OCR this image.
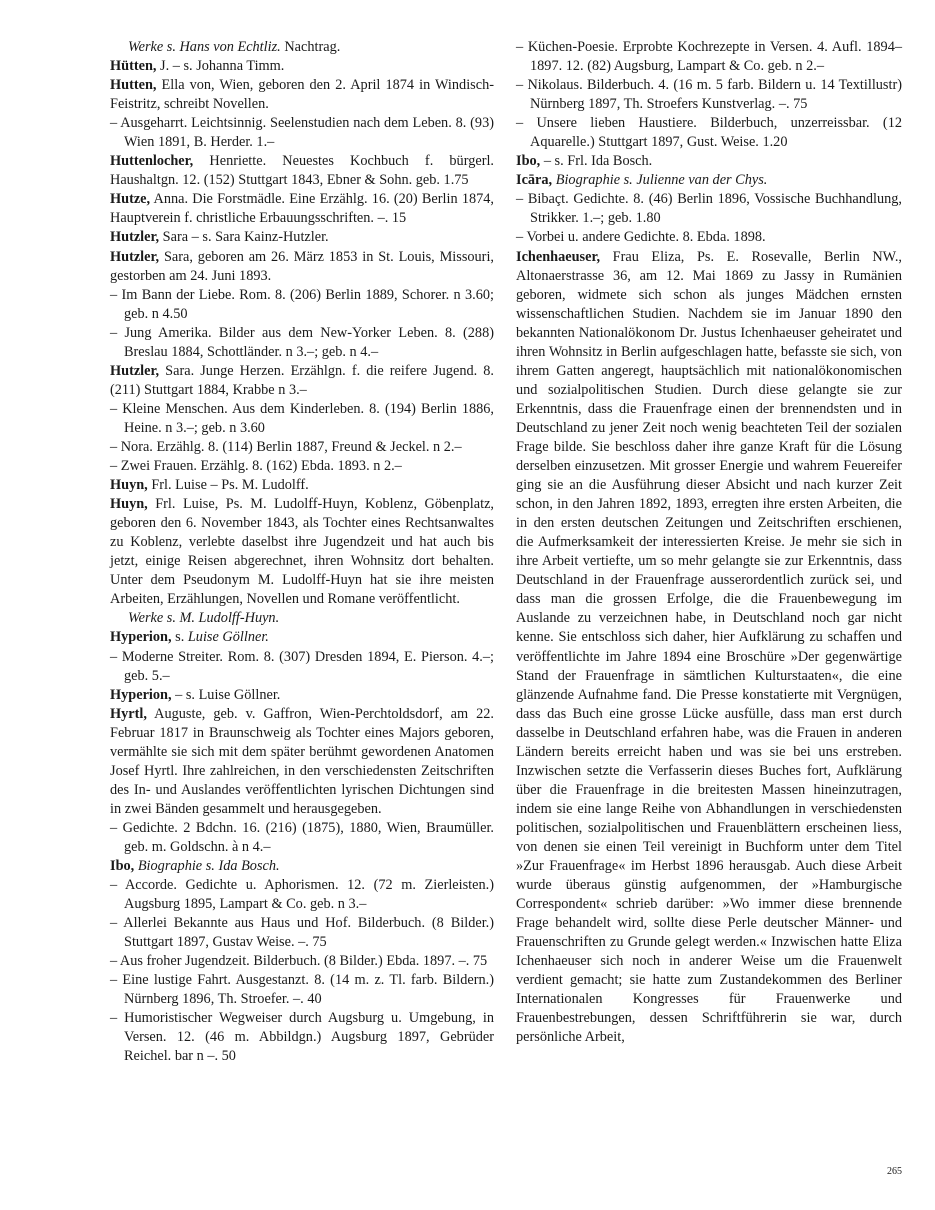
Werke s. Hans von Echtliz. Nachtrag.

Hütten, J. – s. Johanna Timm.

Hutten, Ella von, Wien, geboren den 2. April 1874 in Windisch-Feistritz, schreibt Novellen.

– Ausgeharrt. Leichtsinnig. Seelenstudien nach dem Leben. 8. (93) Wien 1891, B. Herder. 1.–

Huttenlocher, Henriette. Neuestes Kochbuch f. bürgerl. Haushaltgn. 12. (152) Stuttgart 1843, Ebner & Sohn. geb. 1.75

Hutze, Anna. Die Forstmädle. Eine Erzählg. 16. (20) Berlin 1874, Hauptverein f. christliche Erbauungsschriften. –. 15

Hutzler, Sara – s. Sara Kainz-Hutzler.

Hutzler, Sara, geboren am 26. März 1853 in St. Louis, Missouri, gestorben am 24. Juni 1893.

– Im Bann der Liebe. Rom. 8. (206) Berlin 1889, Schorer. n 3.60; geb. n 4.50

– Jung Amerika. Bilder aus dem New-Yorker Leben. 8. (288) Breslau 1884, Schottländer. n 3.–; geb. n 4.–

Hutzler, Sara. Junge Herzen. Erzählgn. f. die reifere Jugend. 8. (211) Stuttgart 1884, Krabbe n 3.–

– Kleine Menschen. Aus dem Kinderleben. 8. (194) Berlin 1886, Heine. n 3.–; geb. n 3.60

– Nora. Erzählg. 8. (114) Berlin 1887, Freund & Jeckel. n 2.–

– Zwei Frauen. Erzählg. 8. (162) Ebda. 1893. n 2.–

Huyn, Frl. Luise – Ps. M. Ludolff.

Huyn, Frl. Luise, Ps. M. Ludolff-Huyn, Koblenz, Göbenplatz, geboren den 6. November 1843, als Tochter eines Rechtsanwaltes zu Koblenz, verlebte daselbst ihre Jugendzeit und hat auch bis jetzt, einige Reisen abgerechnet, ihren Wohnsitz dort behalten. Unter dem Pseudonym M. Ludolff-Huyn hat sie ihre meisten Arbeiten, Erzählungen, Novellen und Romane veröffentlicht.

Werke s. M. Ludolff-Huyn.

Hyperion, s. Luise Göllner.

– Moderne Streiter. Rom. 8. (307) Dresden 1894, E. Pierson. 4.–; geb. 5.–

Hyperion, – s. Luise Göllner.

Hyrtl, Auguste, geb. v. Gaffron, Wien-Perchtoldsdorf, am 22. Februar 1817 in Braunschweig als Tochter eines Majors geboren, vermählte sie sich mit dem später berühmt gewordenen Anatomen Josef Hyrtl. Ihre zahlreichen, in den verschiedensten Zeitschriften des In- und Auslandes veröffentlichten lyrischen Dichtungen sind in zwei Bänden gesammelt und herausgegeben.

– Gedichte. 2 Bdchn. 16. (216) (1875), 1880, Wien, Braumüller. geb. m. Goldschn. à n 4.–

Ibo, Biographie s. Ida Bosch.

– Accorde. Gedichte u. Aphorismen. 12. (72 m. Zierleisten.) Augsburg 1895, Lampart & Co. geb. n 3.–

– Allerlei Bekannte aus Haus und Hof. Bilderbuch. (8 Bilder.) Stuttgart 1897, Gustav Weise. –. 75

– Aus froher Jugendzeit. Bilderbuch. (8 Bilder.) Ebda. 1897. –. 75

– Eine lustige Fahrt. Ausgestanzt. 8. (14 m. z. Tl. farb. Bildern.) Nürnberg 1896, Th. Stroefer. –. 40

– Humoristischer Wegweiser durch Augsburg u. Umgebung, in Versen. 12. (46 m. Abbildgn.) Augsburg 1897, Gebrüder Reichel. bar n –. 50

– Küchen-Poesie. Erprobte Kochrezepte in Versen. 4. Aufl. 1894–1897. 12. (82) Augsburg, Lampart & Co. geb. n 2.–

– Nikolaus. Bilderbuch. 4. (16 m. 5 farb. Bildern u. 14 Textillustr) Nürnberg 1897, Th. Stroefers Kunstverlag. –. 75

– Unsere lieben Haustiere. Bilderbuch, unzerreissbar. (12 Aquarelle.) Stuttgart 1897, Gust. Weise. 1.20

Ibo, – s. Frl. Ida Bosch.

Icāra, Biographie s. Julienne van der Chys.

– Bibaçt. Gedichte. 8. (46) Berlin 1896, Vossische Buchhandlung, Strikker. 1.–; geb. 1.80

– Vorbei u. andere Gedichte. 8. Ebda. 1898.

Ichenhaeuser, Frau Eliza, Ps. E. Rosevalle, Berlin NW., Altonaerstrasse 36, am 12. Mai 1869 zu Jassy in Rumänien geboren, widmete sich schon als junges Mädchen ernsten wissenschaftlichen Studien. Nachdem sie im Januar 1890 den bekannten Nationalökonom Dr. Justus Ichenhaeuser geheiratet und ihren Wohnsitz in Berlin aufgeschlagen hatte, befasste sie sich, von ihrem Gatten angeregt, hauptsächlich mit nationalökonomischen und sozialpolitischen Studien. Durch diese gelangte sie zur Erkenntnis, dass die Frauenfrage einen der brennendsten und in Deutschland zu jener Zeit noch wenig beachteten Teil der sozialen Frage bilde. Sie beschloss daher ihre ganze Kraft für die Lösung derselben einzusetzen. Mit grosser Energie und wahrem Feuereifer ging sie an die Ausführung dieser Absicht und nach kurzer Zeit schon, in den Jahren 1892, 1893, erregten ihre ersten Arbeiten, die in den ersten deutschen Zeitungen und Zeitschriften erschienen, die Aufmerksamkeit der interessierten Kreise. Je mehr sie sich in ihre Arbeit vertiefte, um so mehr gelangte sie zur Erkenntnis, dass Deutschland in der Frauenfrage ausserordentlich zurück sei, und dass man die grossen Erfolge, die die Frauenbewegung im Auslande zu verzeichnen habe, in Deutschland noch gar nicht kenne. Sie entschloss sich daher, hier Aufklärung zu schaffen und veröffentlichte im Jahre 1894 eine Broschüre »Der gegenwärtige Stand der Frauenfrage in sämtlichen Kulturstaaten«, die eine glänzende Aufnahme fand. Die Presse konstatierte mit Vergnügen, dass das Buch eine grosse Lücke ausfülle, dass man erst durch dasselbe in Deutschland erfahren habe, was die Frauen in anderen Ländern bereits erreicht haben und was sie bei uns erstreben. Inzwischen setzte die Verfasserin dieses Buches fort, Aufklärung über die Frauenfrage in die breitesten Massen hineinzutragen, indem sie eine lange Reihe von Abhandlungen in verschiedensten politischen, sozialpolitischen und Frauenblättern erscheinen liess, von denen sie einen Teil vereinigt in Buchform unter dem Titel »Zur Frauenfrage« im Herbst 1896 herausgab. Auch diese Arbeit wurde überaus günstig aufgenommen, der »Hamburgische Correspondent« schrieb darüber: »Wo immer diese brennende Frage behandelt wird, sollte diese Perle deutscher Männer- und Frauenschriften zu Grunde gelegt werden.« Inzwischen hatte Eliza Ichenhaeuser sich noch in anderer Weise um die Frauenwelt verdient gemacht; sie hatte zum Zustandekommen des Berliner Internationalen Kongresses für Frauenwerke und Frauenbestrebungen, dessen Schriftführerin sie war, durch persönliche Arbeit,

265
